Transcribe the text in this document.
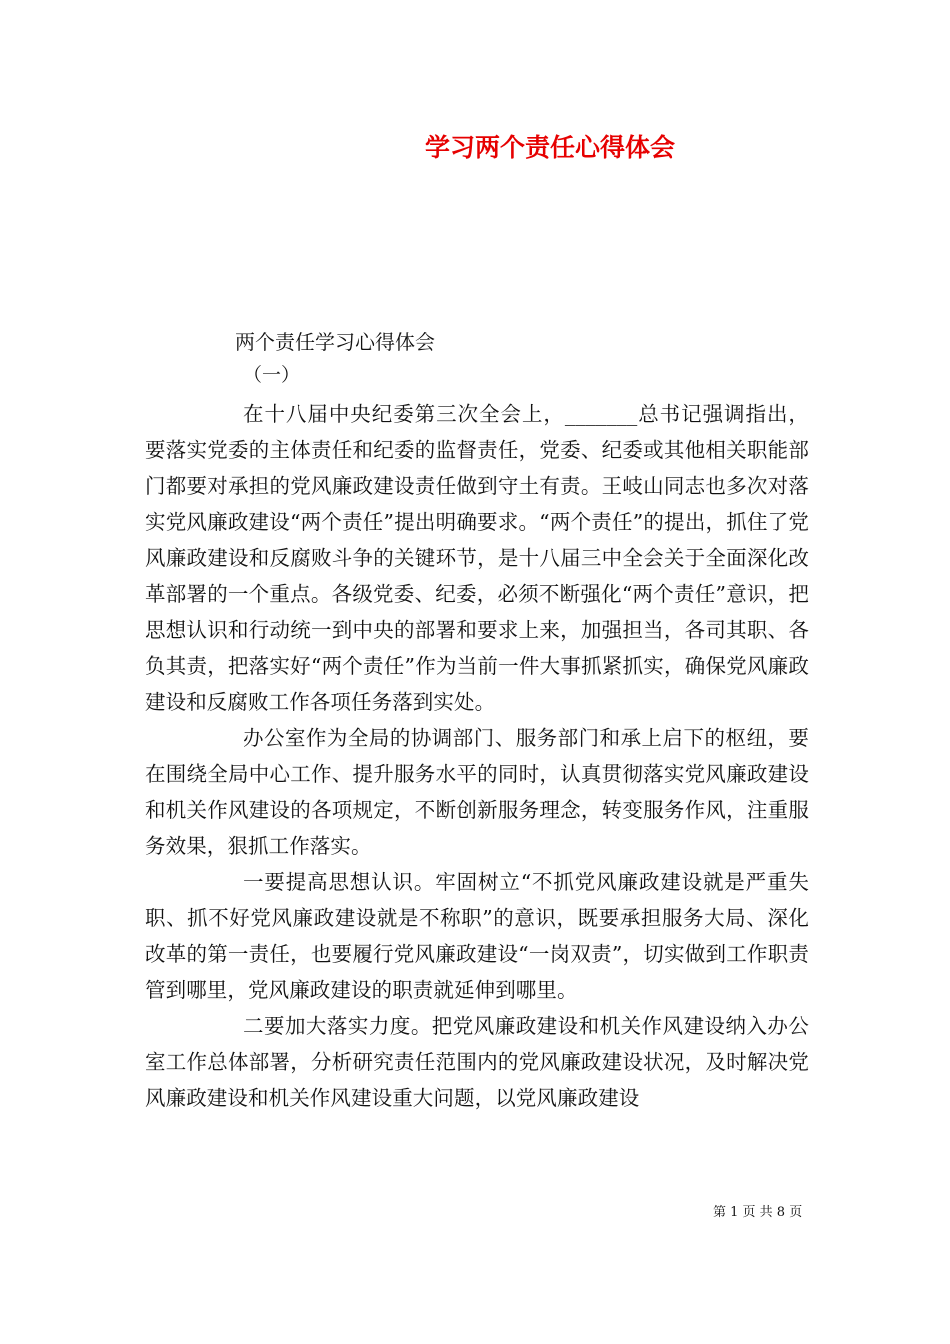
学习两个责任心得体会
两个责任学习心得体会
（一）

在十八届中央纪委第三次全会上，_______总书记强调指出，要落实党委的主体责任和纪委的监督责任，党委、纪委或其他相关职能部门都要对承担的党风廉政建设责任做到守土有责。王岐山同志也多次对落实党风廉政建设“两个责任”提出明确要求。“两个责任”的提出，抓住了党风廉政建设和反腐败斗争的关键环节，是十八届三中全会关于全面深化改革部署的一个重点。各级党委、纪委，必须不断强化“两个责任”意识，把思想认识和行动统一到中央的部署和要求上来，加强担当，各司其职、各负其责，把落实好“两个责任”作为当前一件大事抓紧抓实，确保党风廉政建设和反腐败工作各项任务落到实处。

办公室作为全局的协调部门、服务部门和承上启下的枢纽，要在围绕全局中心工作、提升服务水平的同时，认真贯彻落实党风廉政建设和机关作风建设的各项规定，不断创新服务理念，转变服务作风，注重服务效果，狠抓工作落实。

一要提高思想认识。牢固树立“不抓党风廉政建设就是严重失职、抓不好党风廉政建设就是不称职”的意识，既要承担服务大局、深化改革的第一责任，也要履行党风廉政建设“一岗双责”，切实做到工作职责管到哪里，党风廉政建设的职责就延伸到哪里。

二要加大落实力度。把党风廉政建设和机关作风建设纳入办公室工作总体部署，分析研究责任范围内的党风廉政建设状况，及时解决党风廉政建设和机关作风建设重大问题，以党风廉政建设

第 1 页 共 8 页
